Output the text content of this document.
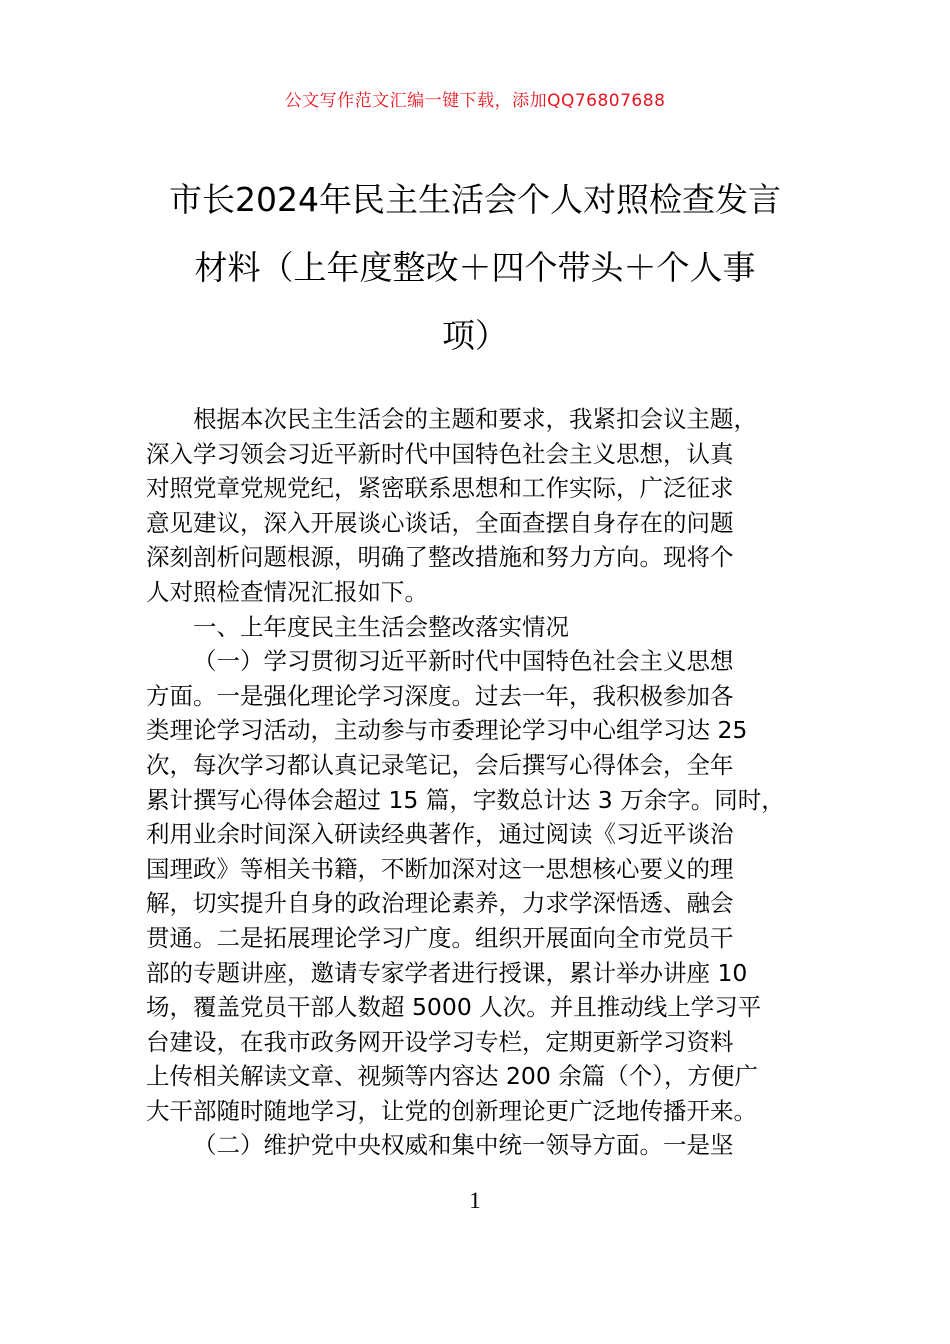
公文写作范文汇编一键下载，添加QQ76807688
市长2024年民主生活会个人对照检查发言
材料（上年度整改＋四个带头＋个人事
项）
根据本次民主生活会的主题和要求，我紧扣会议主题，
深入学习领会习近平新时代中国特色社会主义思想，认真
对照党章党规党纪，紧密联系思想和工作实际，广泛征求
意见建议，深入开展谈心谈话，全面查摆自身存在的问题
深刻剖析问题根源，明确了整改措施和努力方向。现将个
人对照检查情况汇报如下。
一、上年度民主生活会整改落实情况
（一）学习贯彻习近平新时代中国特色社会主义思想
方面。一是强化理论学习深度。过去一年，我积极参加各
类理论学习活动，主动参与市委理论学习中心组学习达 25
次，每次学习都认真记录笔记，会后撰写心得体会，全年
累计撰写心得体会超过 15 篇，字数总计达 3 万余字。同时，
利用业余时间深入研读经典著作，通过阅读《习近平谈治
国理政》等相关书籍，不断加深对这一思想核心要义的理
解，切实提升自身的政治理论素养，力求学深悟透、融会
贯通。二是拓展理论学习广度。组织开展面向全市党员干
部的专题讲座，邀请专家学者进行授课，累计举办讲座 10
场，覆盖党员干部人数超 5000 人次。并且推动线上学习平
台建设，在我市政务网开设学习专栏，定期更新学习资料
上传相关解读文章、视频等内容达 200 余篇（个），方便广
大干部随时随地学习，让党的创新理论更广泛地传播开来。
（二）维护党中央权威和集中统一领导方面。一是坚
1
